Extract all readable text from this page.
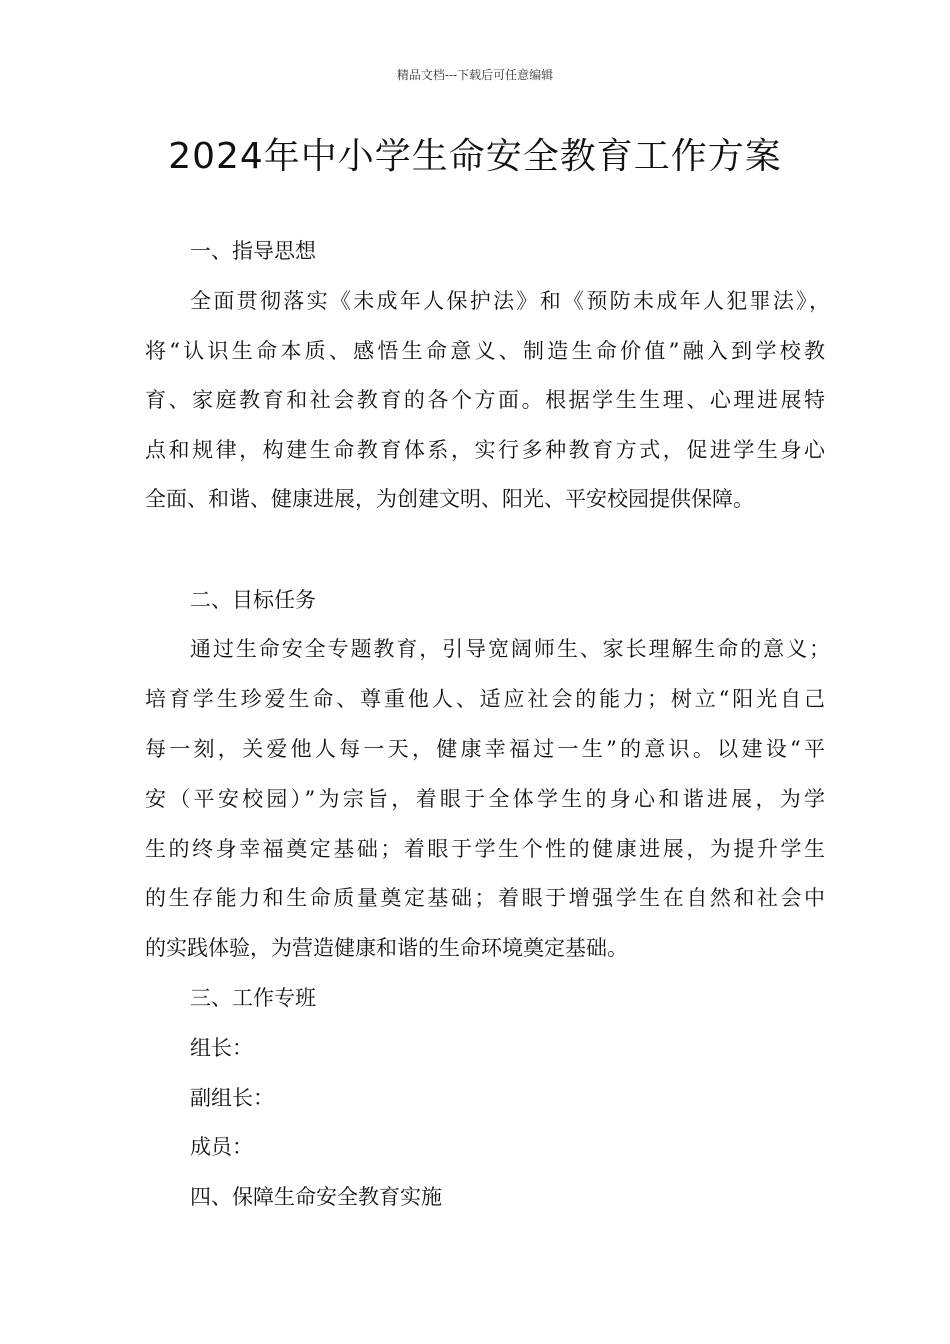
精品文档---下载后可任意编辑
2024年中小学生命安全教育工作方案
一、指导思想
全面贯彻落实《未成年人保护法》和《预防未成年人犯罪法》，
将“认识生命本质、感悟生命意义、制造生命价值”融入到学校教
育、家庭教育和社会教育的各个方面。根据学生生理、心理进展特
点和规律，构建生命教育体系，实行多种教育方式，促进学生身心
全面、和谐、健康进展，为创建文明、阳光、平安校园提供保障。
二、目标任务
通过生命安全专题教育，引导宽阔师生、家长理解生命的意义；
培育学生珍爱生命、尊重他人、适应社会的能力；树立“阳光自己
每一刻，关爱他人每一天，健康幸福过一生”的意识。以建设“平
安（平安校园）”为宗旨，着眼于全体学生的身心和谐进展，为学
生的终身幸福奠定基础；着眼于学生个性的健康进展，为提升学生
的生存能力和生命质量奠定基础；着眼于增强学生在自然和社会中
的实践体验，为营造健康和谐的生命环境奠定基础。
三、工作专班
组长：
副组长：
成员：
四、保障生命安全教育实施
